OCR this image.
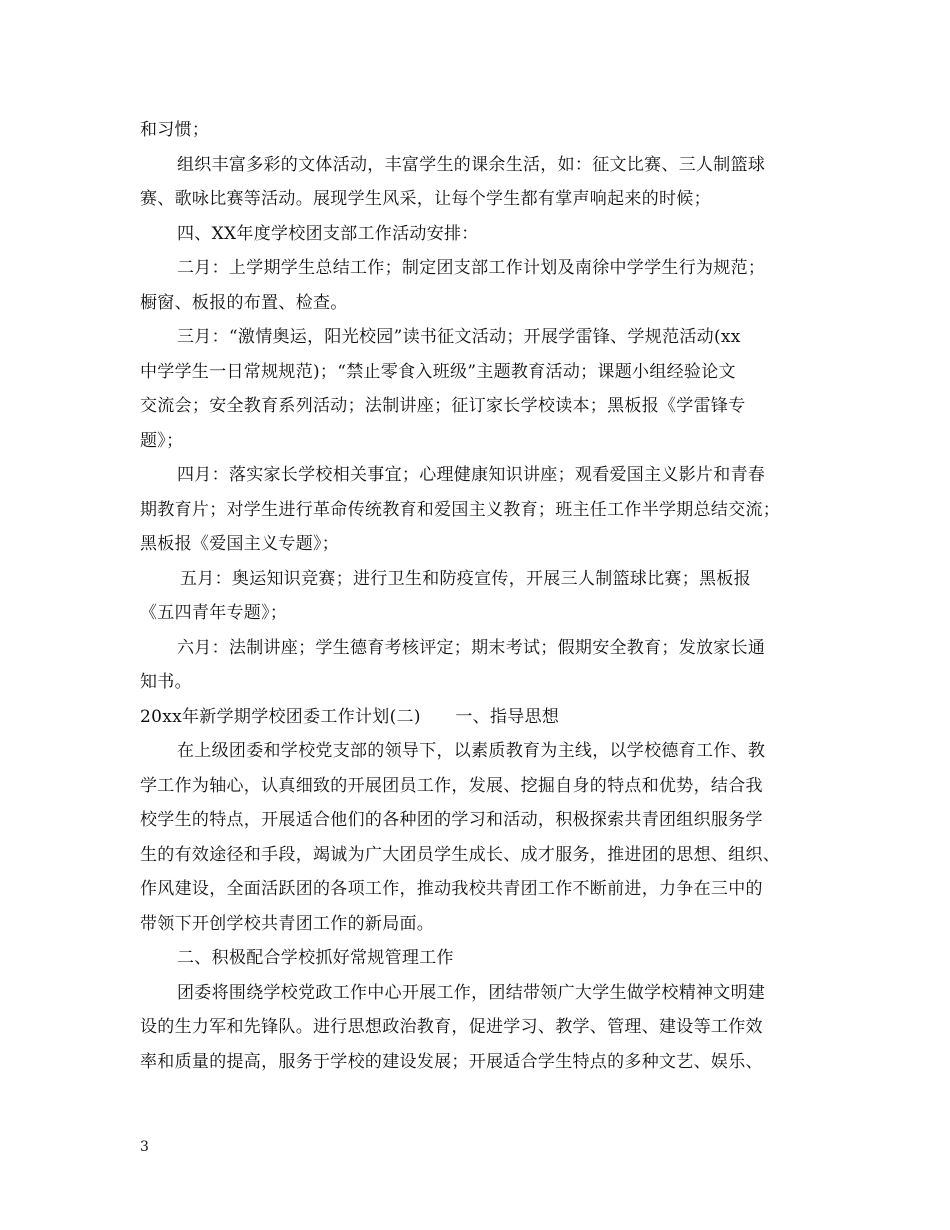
和习惯；
组织丰富多彩的文体活动，丰富学生的课余生活，如：征文比赛、三人制篮球
赛、歌咏比赛等活动。展现学生风采，让每个学生都有掌声响起来的时候；
四、XX年度学校团支部工作活动安排：
二月：上学期学生总结工作；制定团支部工作计划及南徐中学学生行为规范；
橱窗、板报的布置、检查。
三月：“激情奥运，阳光校园”读书征文活动；开展学雷锋、学规范活动(xx
中学学生一日常规规范)；“禁止零食入班级”主题教育活动；课题小组经验论文
交流会；安全教育系列活动；法制讲座；征订家长学校读本；黑板报《学雷锋专
题》；
四月：落实家长学校相关事宜；心理健康知识讲座；观看爱国主义影片和青春
期教育片；对学生进行革命传统教育和爱国主义教育；班主任工作半学期总结交流；
黑板报《爱国主义专题》；
五月：奥运知识竞赛；进行卫生和防疫宣传，开展三人制篮球比赛；黑板报
《五四青年专题》；
六月：法制讲座；学生德育考核评定；期末考试；假期安全教育；发放家长通
知书。
20xx年新学期学校团委工作计划(二)　　一、指导思想
在上级团委和学校党支部的领导下，以素质教育为主线，以学校德育工作、教
学工作为轴心，认真细致的开展团员工作，发展、挖掘自身的特点和优势，结合我
校学生的特点，开展适合他们的各种团的学习和活动，积极探索共青团组织服务学
生的有效途径和手段，竭诚为广大团员学生成长、成才服务，推进团的思想、组织、
作风建设，全面活跃团的各项工作，推动我校共青团工作不断前进，力争在三中的
带领下开创学校共青团工作的新局面。
二、积极配合学校抓好常规管理工作
团委将围绕学校党政工作中心开展工作，团结带领广大学生做学校精神文明建
设的生力军和先锋队。进行思想政治教育，促进学习、教学、管理、建设等工作效
率和质量的提高，服务于学校的建设发展；开展适合学生特点的多种文艺、娱乐、
3
